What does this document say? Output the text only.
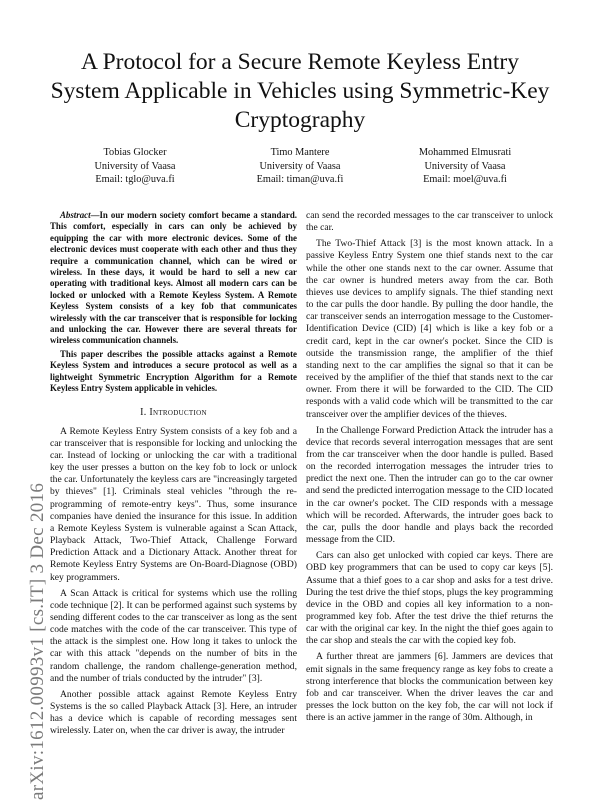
arXiv:1612.00993v1 [cs.IT] 3 Dec 2016
A Protocol for a Secure Remote Keyless Entry System Applicable in Vehicles using Symmetric-Key Cryptography
Tobias Glocker
University of Vaasa
Email: tglo@uva.fi
Timo Mantere
University of Vaasa
Email: timan@uva.fi
Mohammed Elmusrati
University of Vaasa
Email: moel@uva.fi

Abstract—In our modern society comfort became a standard. This comfort, especially in cars can only be achieved by equipping the car with more electronic devices. Some of the electronic devices must cooperate with each other and thus they require a communication channel, which can be wired or wireless. In these days, it would be hard to sell a new car operating with traditional keys. Almost all modern cars can be locked or unlocked with a Remote Keyless System. A Remote Keyless System consists of a key fob that communicates wirelessly with the car transceiver that is responsible for locking and unlocking the car. However there are several threats for wireless communication channels.

This paper describes the possible attacks against a Remote Keyless System and introduces a secure protocol as well as a lightweight Symmetric Encryption Algorithm for a Remote Keyless Entry System applicable in vehicles.

I. Introduction

A Remote Keyless Entry System consists of a key fob and a car transceiver that is responsible for locking and unlocking the car. Instead of locking or unlocking the car with a traditional key the user presses a button on the key fob to lock or unlock the car. Unfortunately the keyless cars are "increasingly targeted by thieves" [1]. Criminals steal vehicles "through the re-programming of remote-entry keys". Thus, some insurance companies have denied the insurance for this issue. In addition a Remote Keyless System is vulnerable against a Scan Attack, Playback Attack, Two-Thief Attack, Challenge Forward Prediction Attack and a Dictionary Attack. Another threat for Remote Keyless Entry Systems are On-Board-Diagnose (OBD) key programmers.

A Scan Attack is critical for systems which use the rolling code technique [2]. It can be performed against such systems by sending different codes to the car transceiver as long as the sent code matches with the code of the car transceiver. This type of the attack is the simplest one. How long it takes to unlock the car with this attack "depends on the number of bits in the random challenge, the random challenge-generation method, and the number of trials conducted by the intruder" [3].

Another possible attack against Remote Keyless Entry Systems is the so called Playback Attack [3]. Here, an intruder has a device which is capable of recording messages sent wirelessly. Later on, when the car driver is away, the intruder

can send the recorded messages to the car transceiver to unlock the car.

The Two-Thief Attack [3] is the most known attack. In a passive Keyless Entry System one thief stands next to the car while the other one stands next to the car owner. Assume that the car owner is hundred meters away from the car. Both thieves use devices to amplify signals. The thief standing next to the car pulls the door handle. By pulling the door handle, the car transceiver sends an interrogation message to the Customer-Identification Device (CID) [4] which is like a key fob or a credit card, kept in the car owner's pocket. Since the CID is outside the transmission range, the amplifier of the thief standing next to the car amplifies the signal so that it can be received by the amplifier of the thief that stands next to the car owner. From there it will be forwarded to the CID. The CID responds with a valid code which will be transmitted to the car transceiver over the amplifier devices of the thieves.

In the Challenge Forward Prediction Attack the intruder has a device that records several interrogation messages that are sent from the car transceiver when the door handle is pulled. Based on the recorded interrogation messages the intruder tries to predict the next one. Then the intruder can go to the car owner and send the predicted interrogation message to the CID located in the car owner's pocket. The CID responds with a message which will be recorded. Afterwards, the intruder goes back to the car, pulls the door handle and plays back the recorded message from the CID.

Cars can also get unlocked with copied car keys. There are OBD key programmers that can be used to copy car keys [5]. Assume that a thief goes to a car shop and asks for a test drive. During the test drive the thief stops, plugs the key programming device in the OBD and copies all key information to a non-programmed key fob. After the test drive the thief returns the car with the original car key. In the night the thief goes again to the car shop and steals the car with the copied key fob.

A further threat are jammers [6]. Jammers are devices that emit signals in the same frequency range as key fobs to create a strong interference that blocks the communication between key fob and car transceiver. When the driver leaves the car and presses the lock button on the key fob, the car will not lock if there is an active jammer in the range of 30m. Although, in
